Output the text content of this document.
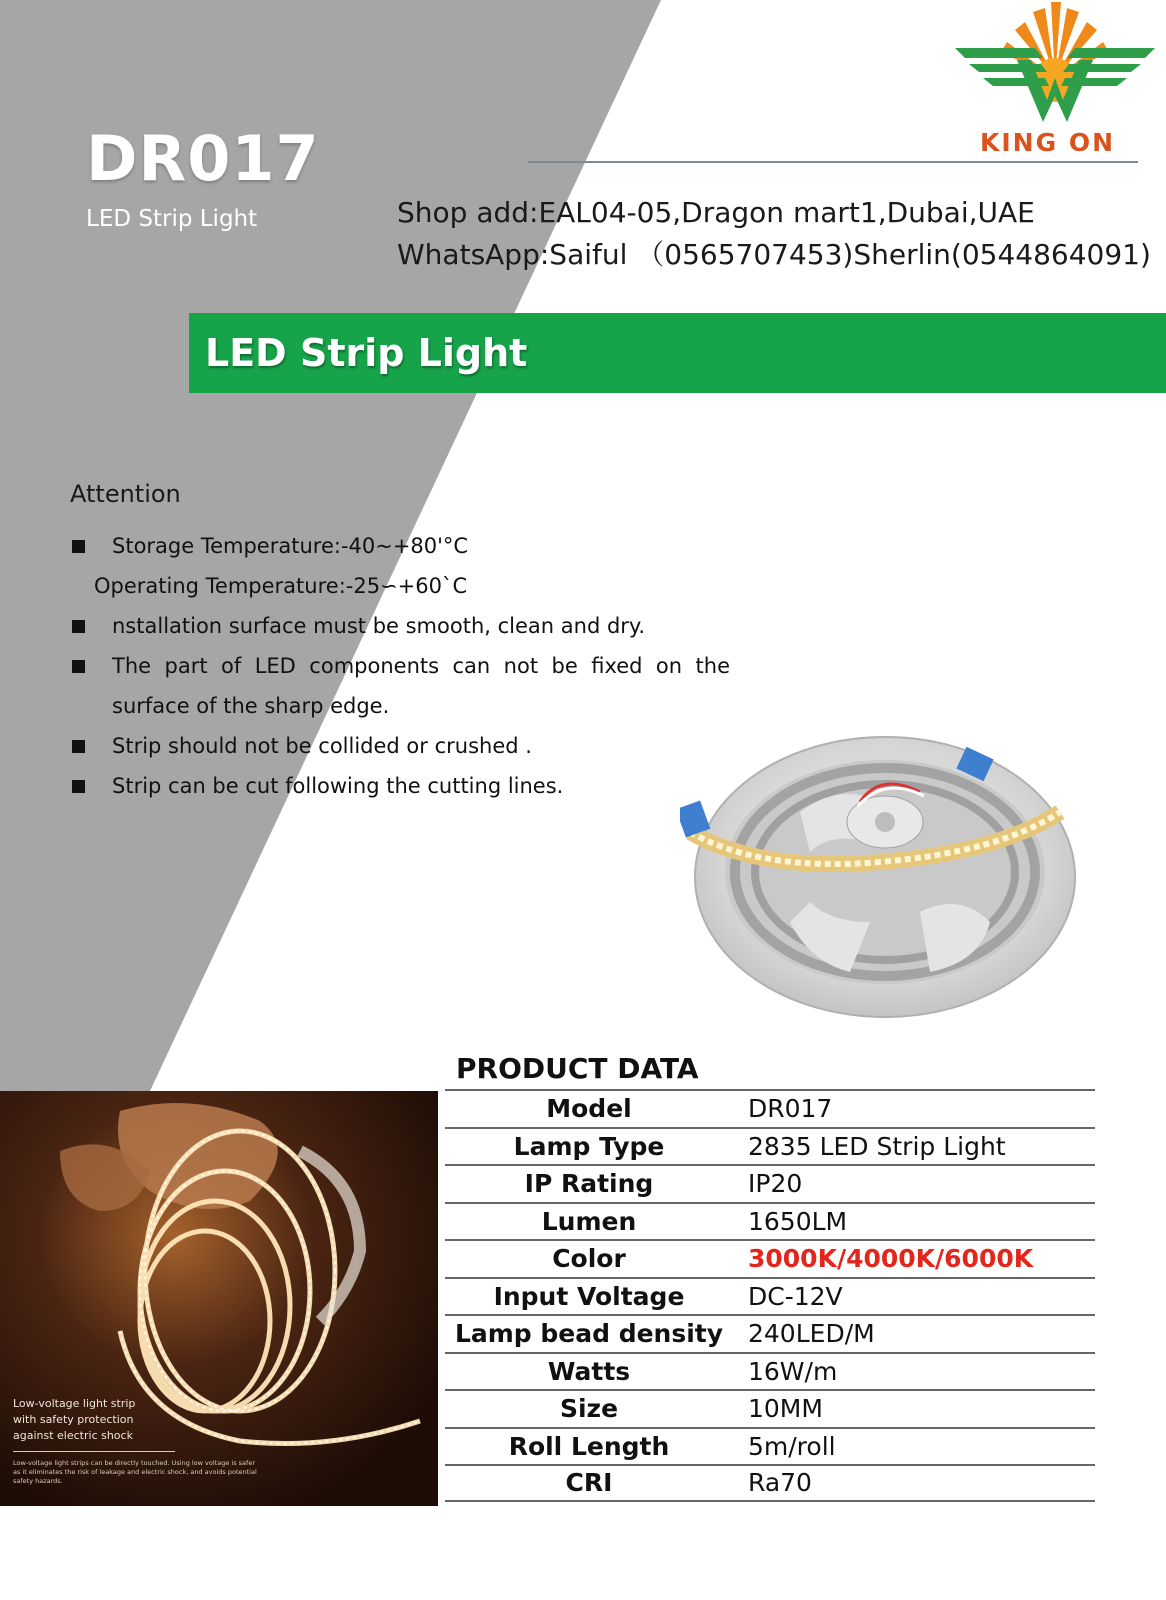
DR017
LED Strip Light
KING ON
Shop add:EAL04-05,Dragon mart1,Dubai,UAE
WhatsApp:Saiful （0565707453)Sherlin(0544864091)
LED Strip Light
Attention
Storage Temperature:-40~+80'°C
Operating Temperature:-25∽+60`C
nstallation surface must be smooth, clean and dry.
The part of LED components can not be fixed on the
surface of the sharp edge.
Strip should not be collided or crushed .
Strip can be cut following the cutting lines.
Low-voltage light strip
with safety protection
against electric shock
Low-voltage light strips can be directly touched. Using low voltage is safer as it eliminates the risk of leakage and electric shock, and avoids potential safety hazards.
PRODUCT DATA
Model	DR017
Lamp Type	2835 LED Strip Light
IP Rating	IP20
Lumen	1650LM
Color	3000K/4000K/6000K
Input Voltage	DC-12V
Lamp bead density 240LED/M
Watts	16W/m
Size	10MM
Roll Length	5m/roll
CRI	Ra70
